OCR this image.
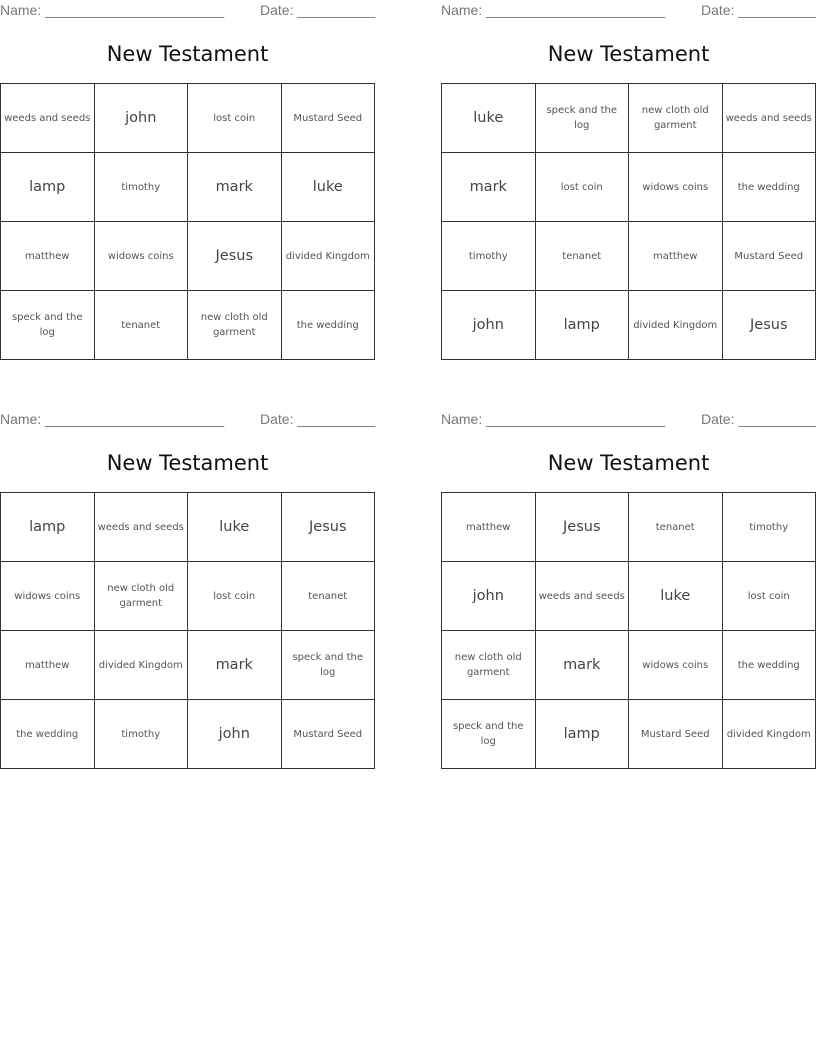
Name: _______________________	Date: __________
New Testament
weeds and seeds	john	lost coin	Mustard Seed
lamp	timothy	mark	luke
matthew	widows coins	Jesus	divided Kingdom
speck and the log	tenanet	new cloth old garment	the wedding
Name: _______________________	Date: __________
New Testament
luke	speck and the log	new cloth old garment	weeds and seeds
mark	lost coin	widows coins	the wedding
timothy	tenanet	matthew	Mustard Seed
john	lamp	divided Kingdom	Jesus
Name: _______________________	Date: __________
New Testament
lamp	weeds and seeds	luke	Jesus
widows coins	new cloth old garment	lost coin	tenanet
matthew	divided Kingdom	mark	speck and the log
the wedding	timothy	john	Mustard Seed
Name: _______________________	Date: __________
New Testament
matthew	Jesus	tenanet	timothy
john	weeds and seeds	luke	lost coin
new cloth old garment	mark	widows coins	the wedding
speck and the log	lamp	Mustard Seed	divided Kingdom
